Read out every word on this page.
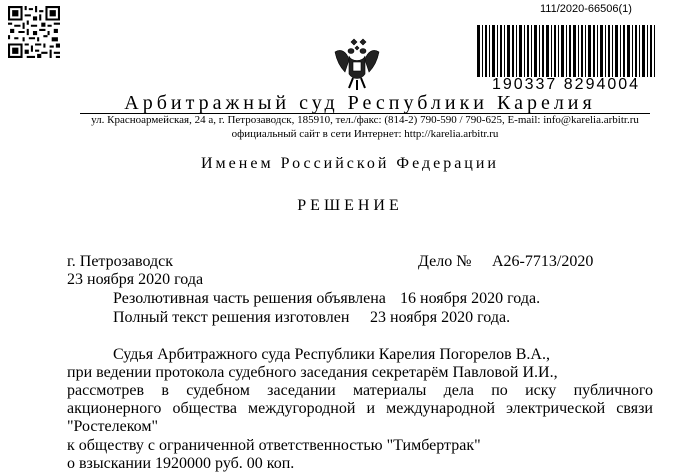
111/2020-66506(1)
190337 8294004
Арбитражный суд Республики Карелия
ул. Красноармейская, 24 а, г. Петрозаводск, 185910, тел./факс: (814-2) 790-590 / 790-625, E-mail: info@karelia.arbitr.ru
официальный сайт в сети Интернет: http://karelia.arbitr.ru
Именем Российской Федерации
РЕШЕНИЕ
г. Петрозаводск	Дело № А26-7713/2020
23 ноября 2020 года
Резолютивная часть решения объявлена 16 ноября 2020 года.
Полный текст решения изготовлен 23 ноября 2020 года.
Судья Арбитражного суда Республики Карелия Погорелов В.А.,
при ведении протокола судебного заседания секретарём Павловой И.И.,
рассмотрев в судебном заседании материалы дела по иску публичного
акционерного общества междугородной и международной электрической связи
"Ростелеком"
к обществу с ограниченной ответственностью "Тимбертрак"
о взыскании 1920000 руб. 00 коп.
